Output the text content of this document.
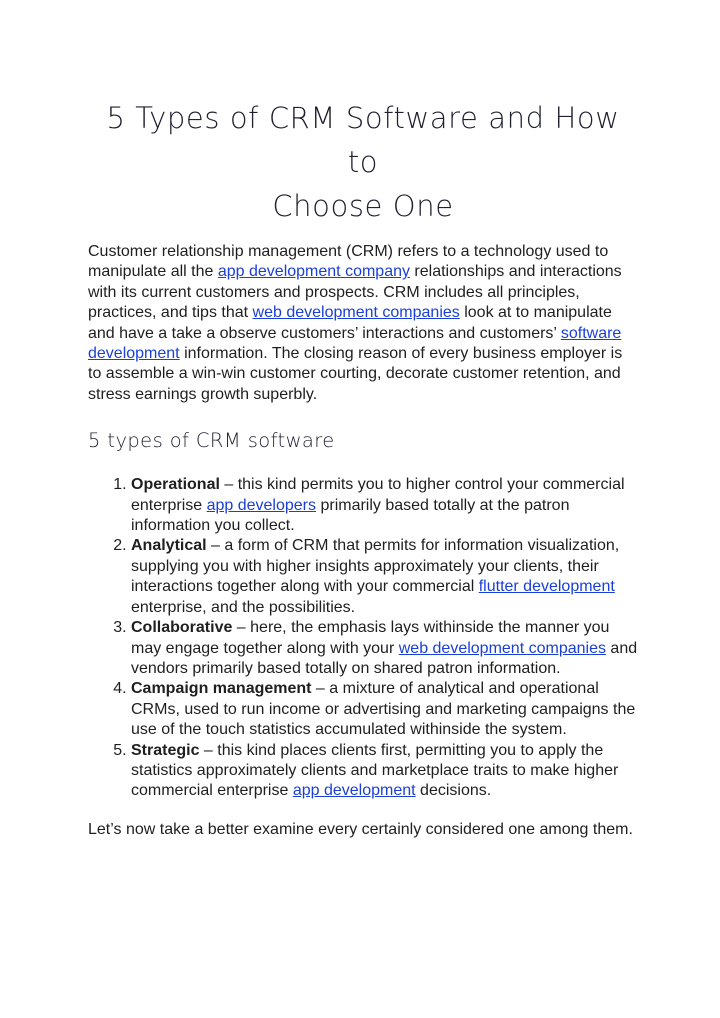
5 Types of CRM Software and How to
Choose One

Customer relationship management (CRM) refers to a technology used to manipulate all the app development company relationships and interactions with its current customers and prospects. CRM includes all principles, practices, and tips that web development companies look at to manipulate and have a take a observe customers’ interactions and customers’ software development information. The closing reason of every business employer is to assemble a win-win customer courting, decorate customer retention, and stress earnings growth superbly.

5 types of CRM software
1. Operational – this kind permits you to higher control your commercial enterprise app developers primarily based totally at the patron information you collect.
2. Analytical – a form of CRM that permits for information visualization, supplying you with higher insights approximately your clients, their interactions together along with your commercial flutter development enterprise, and the possibilities.
3. Collaborative – here, the emphasis lays withinside the manner you may engage together along with your web development companies and vendors primarily based totally on shared patron information.
4. Campaign management – a mixture of analytical and operational CRMs, used to run income or advertising and marketing campaigns the use of the touch statistics accumulated withinside the system.
5. Strategic – this kind places clients first, permitting you to apply the statistics approximately clients and marketplace traits to make higher commercial enterprise app development decisions.

Let’s now take a better examine every certainly considered one among them.
